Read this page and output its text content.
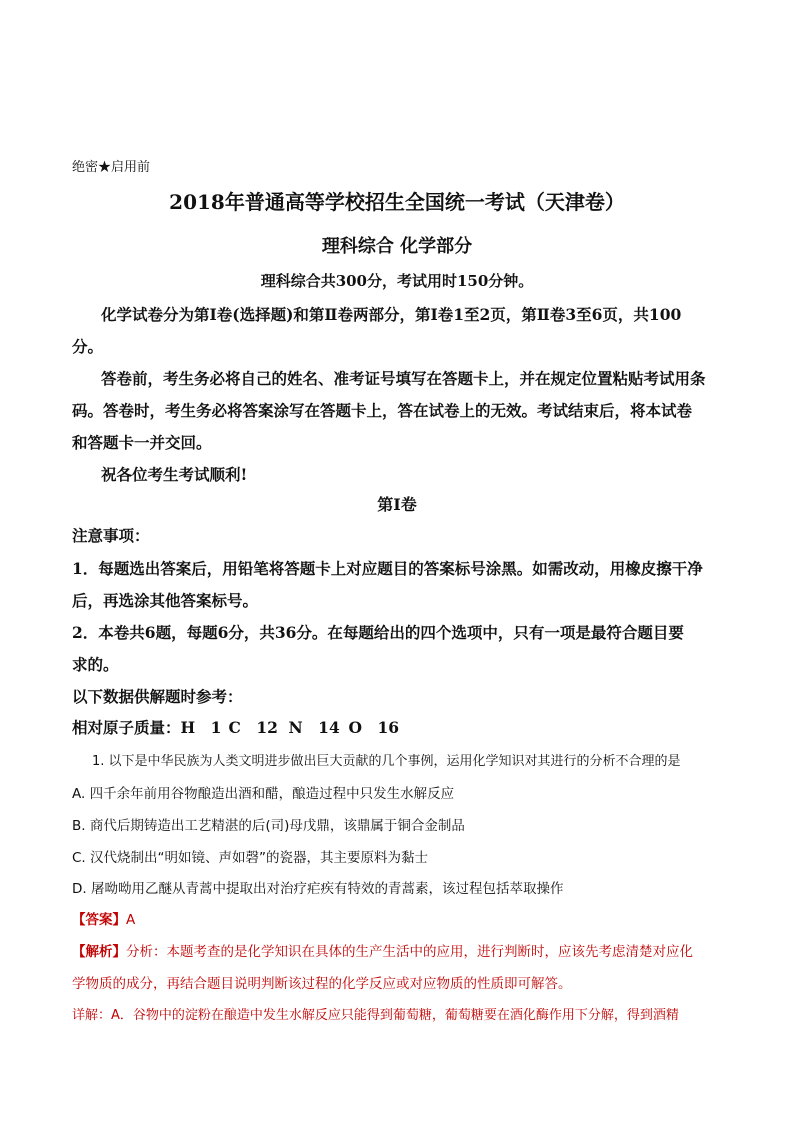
绝密★启用前
2018年普通高等学校招生全国统一考试（天津卷）
理科综合 化学部分
理科综合共300分，考试用时150分钟。
化学试卷分为第Ⅰ卷(选择题)和第Ⅱ卷两部分，第Ⅰ卷1至2页，第Ⅱ卷3至6页，共100
分。
答卷前，考生务必将自己的姓名、准考证号填写在答题卡上，并在规定位置粘贴考试用条
码。答卷时，考生务必将答案涂写在答题卡上，答在试卷上的无效。考试结束后，将本试卷
和答题卡一并交回。
祝各位考生考试顺利!
第Ⅰ卷
注意事项：
1．每题选出答案后，用铅笔将答题卡上对应题目的答案标号涂黑。如需改动，用橡皮擦干净
后，再选涂其他答案标号。
2．本卷共6题，每题6分，共36分。在每题给出的四个选项中，只有一项是最符合题目要
求的。
以下数据供解题时参考：
相对原子质量：H　1 C　12 N　14 O　16
1. 以下是中华民族为人类文明进步做出巨大贡献的几个事例，运用化学知识对其进行的分析不合理的是
A. 四千余年前用谷物酿造出酒和醋，酿造过程中只发生水解反应
B. 商代后期铸造出工艺精湛的后(司)母戊鼎，该鼎属于铜合金制品
C. 汉代烧制出“明如镜、声如磬”的瓷器，其主要原料为黏士
D. 屠呦呦用乙醚从青蒿中提取出对治疗疟疾有特效的青蒿素，该过程包括萃取操作
【答案】A
【解析】分析：本题考查的是化学知识在具体的生产生活中的应用，进行判断时，应该先考虑清楚对应化
学物质的成分，再结合题目说明判断该过程的化学反应或对应物质的性质即可解答。
详解：A．谷物中的淀粉在酿造中发生水解反应只能得到葡萄糖，葡萄糖要在酒化酶作用下分解，得到酒精
